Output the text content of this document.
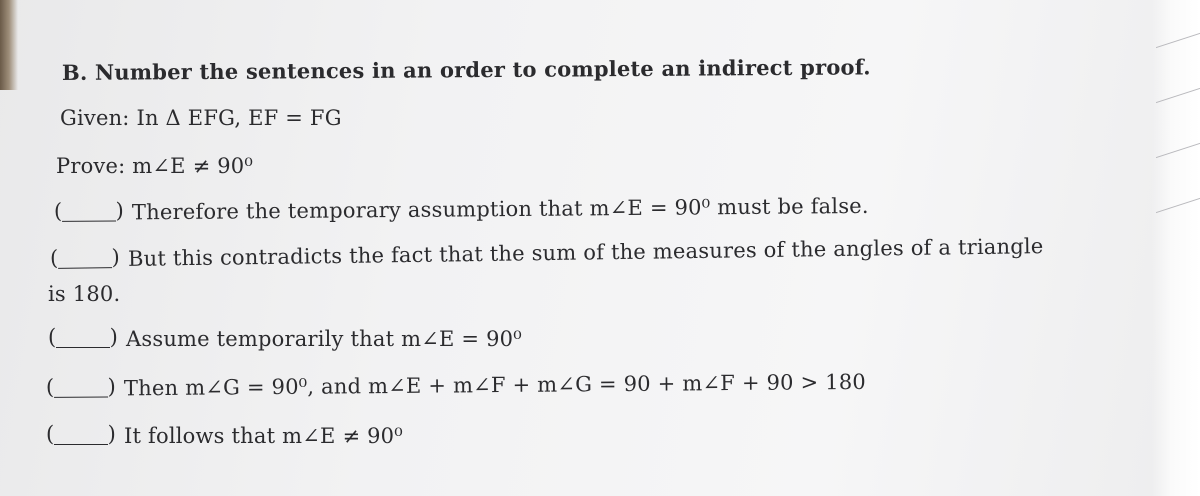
B. Number the sentences in an order to complete an indirect proof.
Given: In Δ EFG, EF = FG
Prove: m∠E ≠ 90⁰
(
)Therefore the temporary assumption that m∠E = 90⁰ must be false.
(
)But this contradicts the fact that the sum of the measures of the angles of a triangle
is 180.
(
)Assume temporarily that m∠E = 90⁰
(
)Then m∠G = 90⁰, and m∠E + m∠F + m∠G = 90 + m∠F + 90 > 180
(
)It follows that m∠E ≠ 90⁰
